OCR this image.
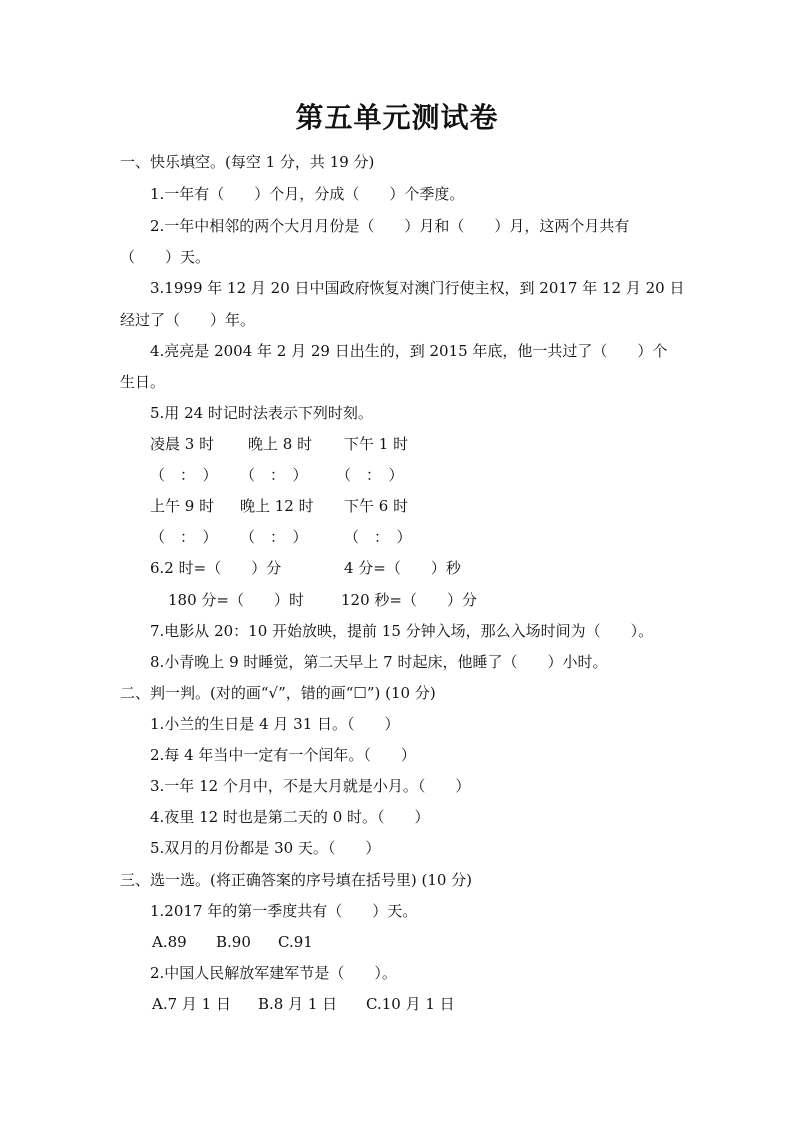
第五单元测试卷
一、快乐填空。(每空 1 分，共 19 分)
1.一年有（　　）个月，分成（　　）个季度。
2.一年中相邻的两个大月月份是（　　）月和（　　）月，这两个月共有
（　　）天。
3.1999 年 12 月 20 日中国政府恢复对澳门行使主权，到 2017 年 12 月 20 日
经过了（　　）年。
4.亮亮是 2004 年 2 月 29 日出生的，到 2015 年底，他一共过了（　　）个
生日。
5.用 24 时记时法表示下列时刻。
凌晨 3 时 晚上 8 时 下午 1 时
（　：　） （　：　） （　：　）
上午 9 时 晚上 12 时 下午 6 时
（　：　） （　：　） （　：　）
6.2 时=（　　）分	4 分=（　　）秒
180 分=（　　）时 120 秒=（　　）分
7.电影从 20：10 开始放映，提前 15 分钟入场，那么入场时间为（　　）。
8.小青晚上 9 时睡觉，第二天早上 7 时起床，他睡了（　　）小时。
二、判一判。(对的画“√”，错的画“☐”) (10 分)
1.小兰的生日是 4 月 31 日。（　　）
2.每 4 年当中一定有一个闰年。（　　）
3.一年 12 个月中，不是大月就是小月。（　　）
4.夜里 12 时也是第二天的 0 时。（　　）
5.双月的月份都是 30 天。（　　）
三、选一选。(将正确答案的序号填在括号里) (10 分)
1.2017 年的第一季度共有（　　）天。
A.89 B.90 C.91
2.中国人民解放军建军节是（　　）。
A.7 月 1 日 B.8 月 1 日 C.10 月 1 日
